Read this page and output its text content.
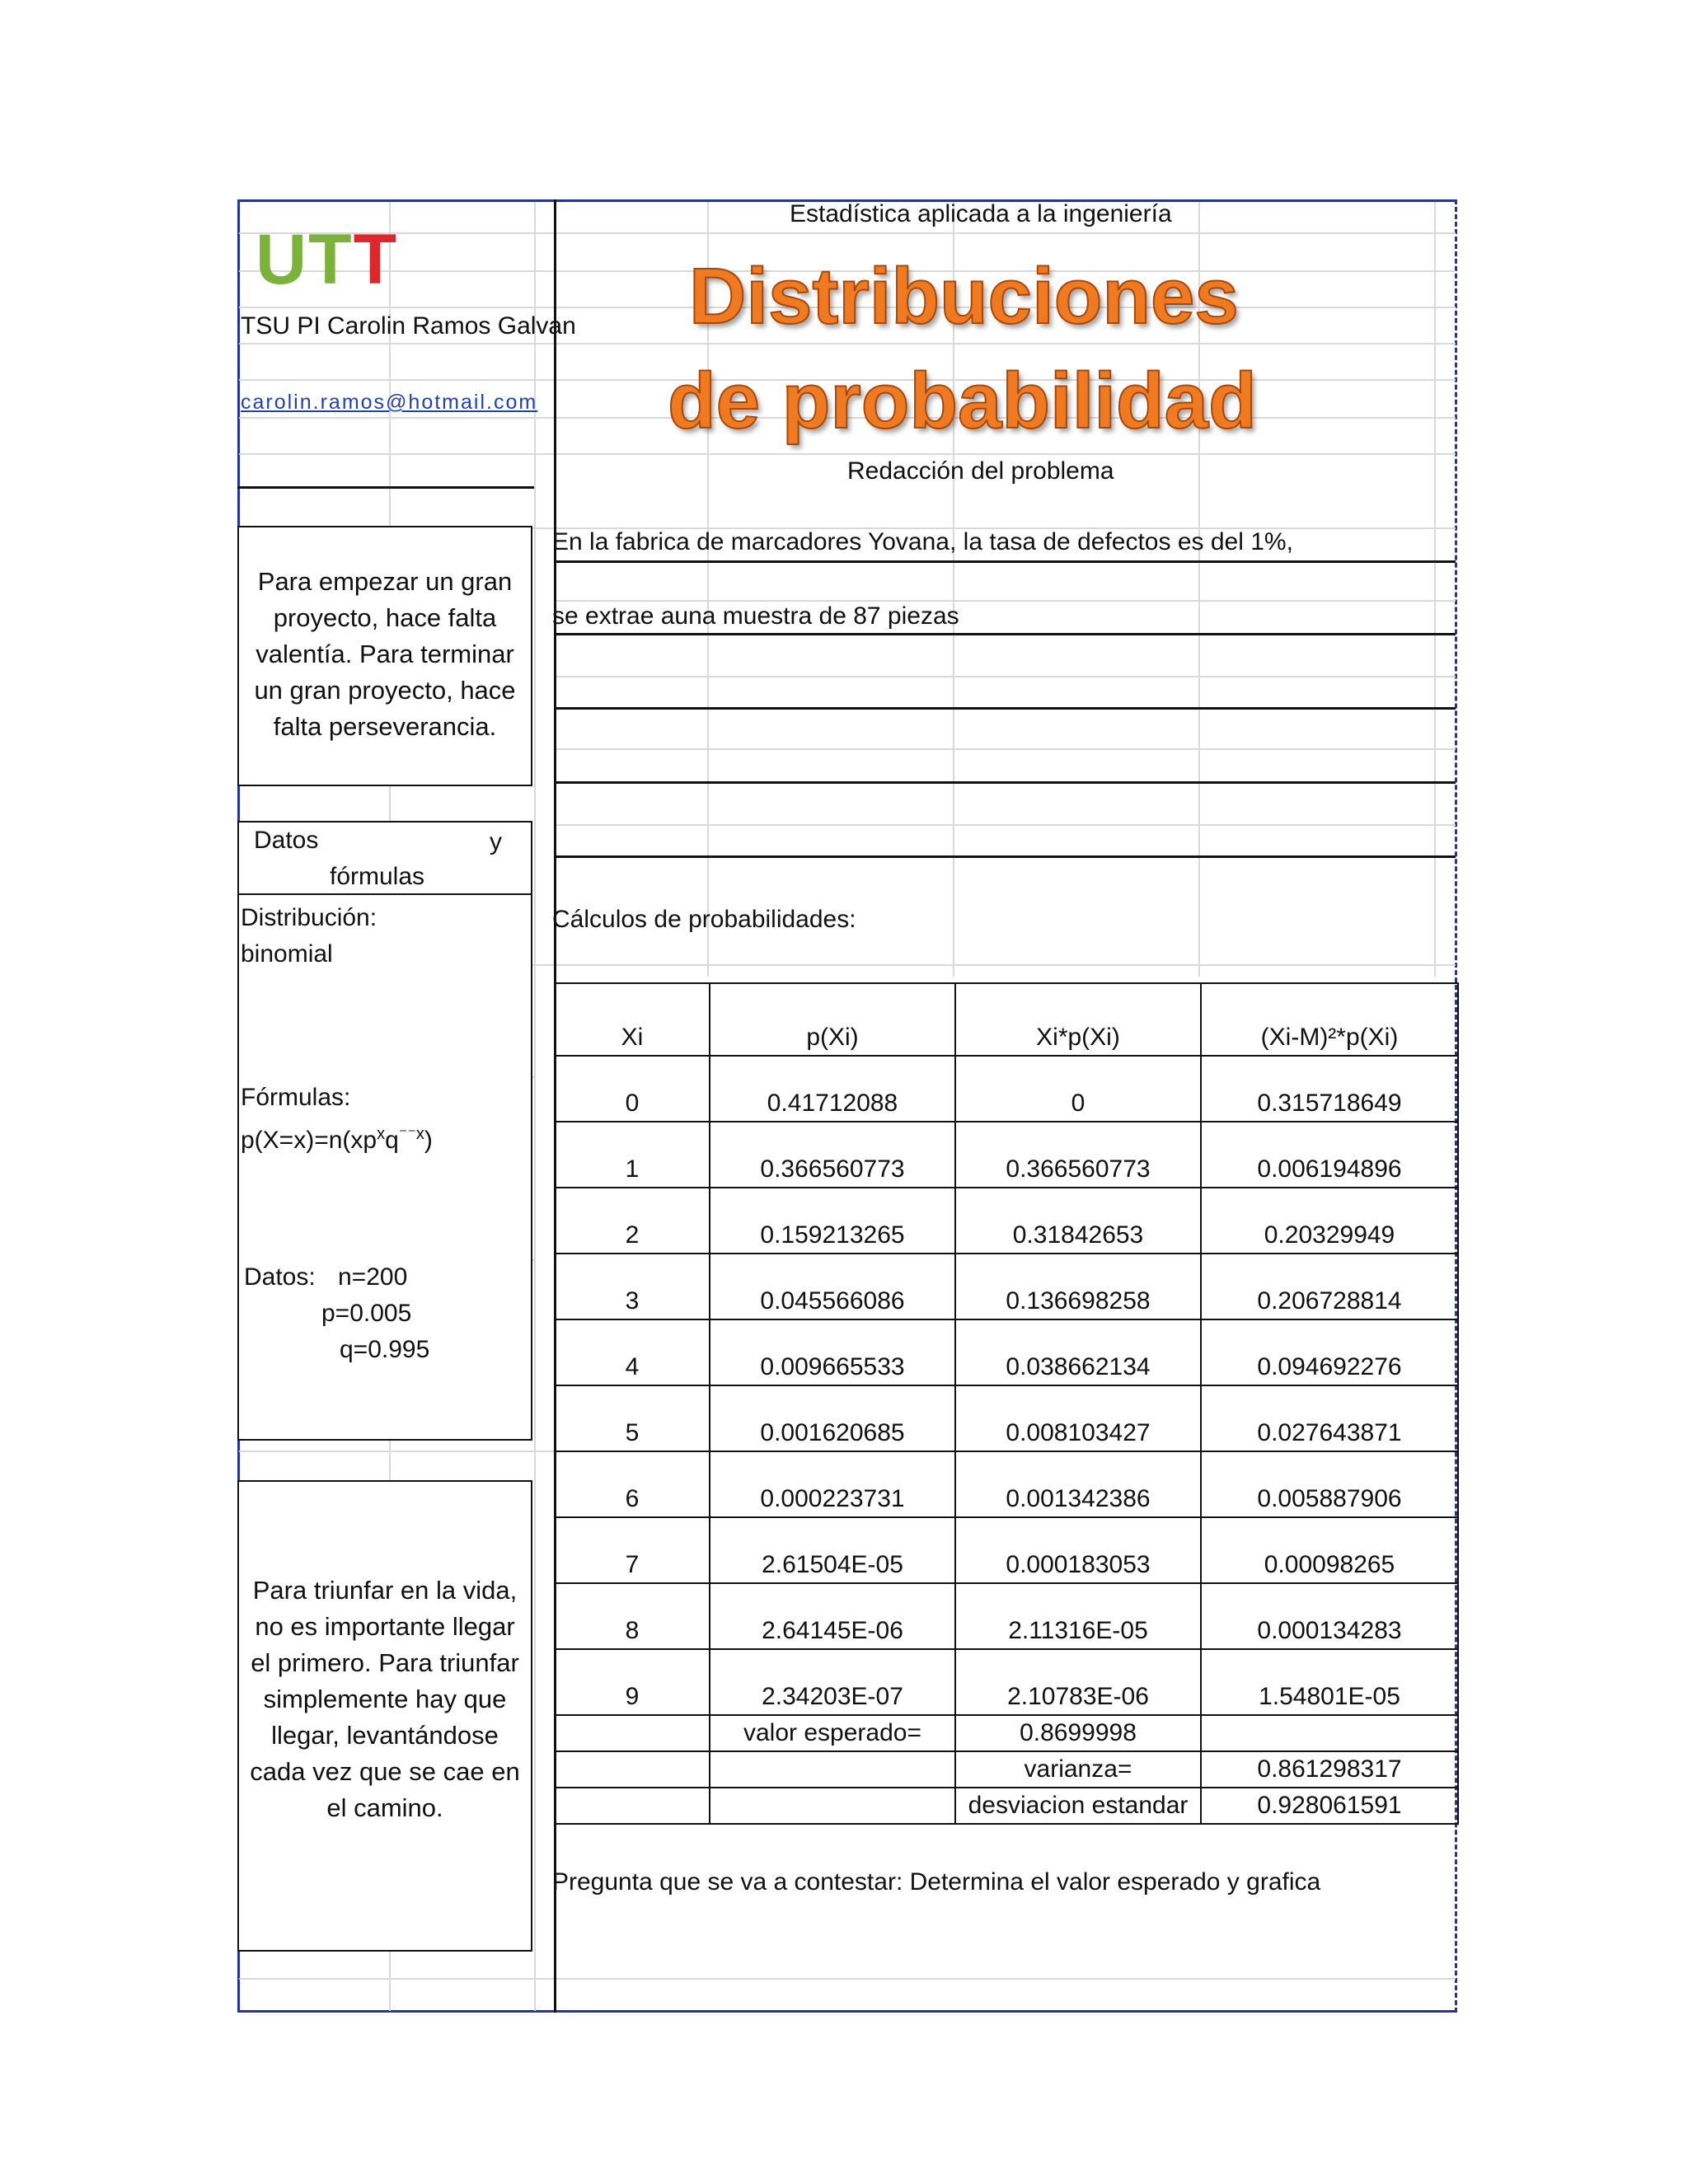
UTT
Estadística aplicada a la ingeniería
Distribuciones
de probabilidad
TSU PI Carolin Ramos Galvan
carolin.ramos@hotmail.com
Redacción del problema
Para empezar un gran proyecto, hace falta valentía. Para terminar un gran proyecto, hace falta perseverancia.
En la fabrica de marcadores Yovana, la tasa de defectos es del 1%,
se extrae auna muestra de 87 piezas
Datos	y
fórmulas
Distribución:
binomial
Fórmulas:
$p(X=x)=n(xp^xq^{^{--}x})$
Datos: n=200
p=0.005
q=0.995
Para triunfar en la vida, no es importante llegar el primero. Para triunfar simplemente hay que llegar, levantándose cada vez que se cae en el camino.
Cálculos de probabilidades:
Xi	p(Xi)	Xi*p(Xi)	(Xi-M)²*p(Xi)
0	0.41712088	0	0.315718649
1	0.366560773	0.366560773	0.006194896
2	0.159213265	0.31842653	0.20329949
3	0.045566086	0.136698258	0.206728814
4	0.009665533	0.038662134	0.094692276
5	0.001620685	0.008103427	0.027643871
6	0.000223731	0.001342386	0.005887906
7	2.61504E-05	0.000183053	0.00098265
8	2.64145E-06	2.11316E-05	0.000134283
9	2.34203E-07	2.10783E-06	1.54801E-05
	valor esperado=	0.8699998	
		varianza=	0.861298317
		desviacion estandar	0.928061591
Pregunta que se va a contestar: Determina el valor esperado y grafica
